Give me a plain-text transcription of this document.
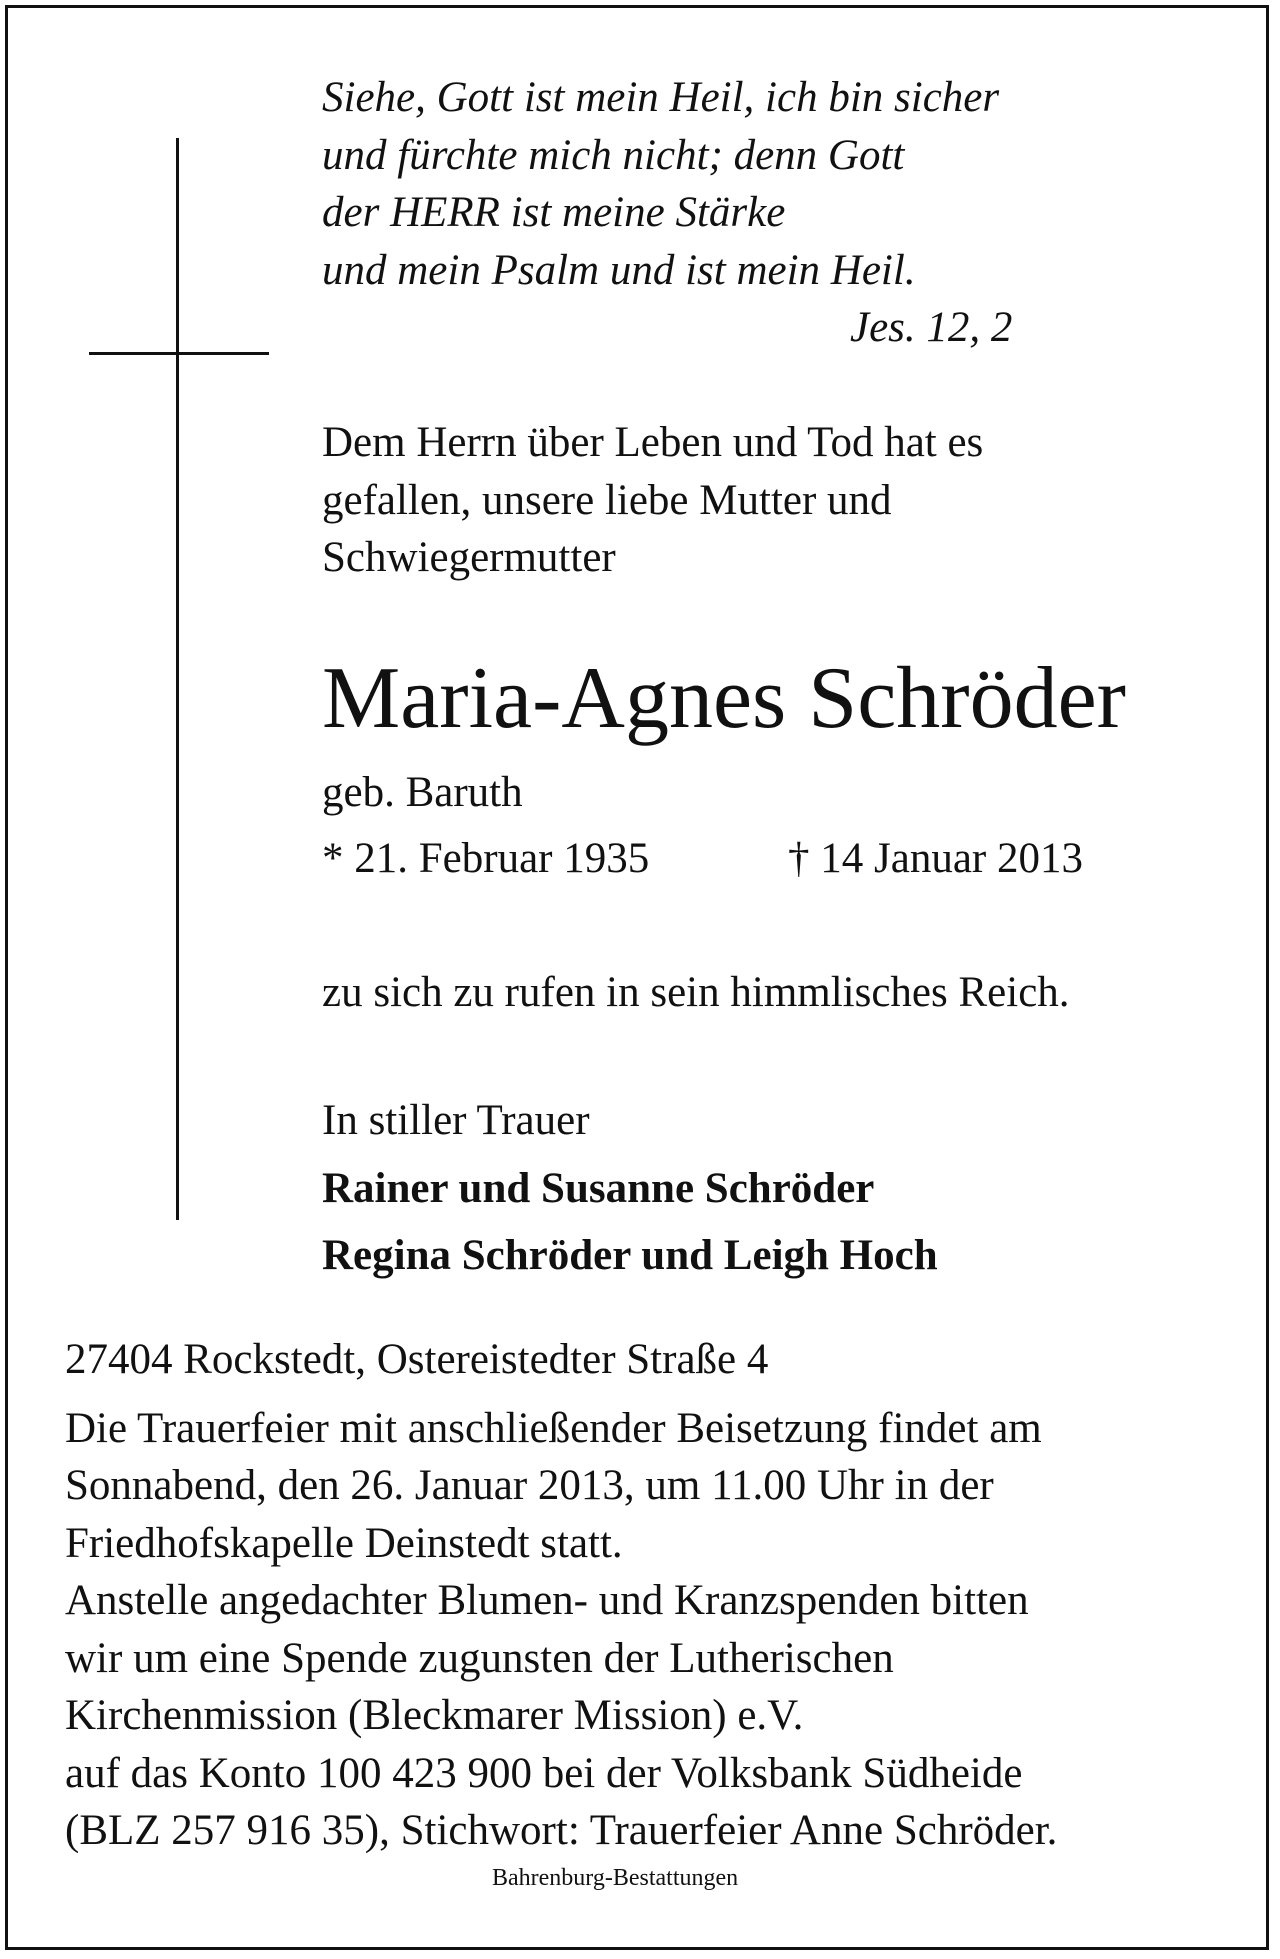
Siehe, Gott ist mein Heil, ich bin sicher
und fürchte mich nicht; denn Gott
der HERR ist meine Stärke
und mein Psalm und ist mein Heil.
Jes. 12, 2
Dem Herrn über Leben und Tod hat es
gefallen, unsere liebe Mutter und
Schwiegermutter
Maria-Agnes Schröder
geb. Baruth
* 21. Februar 1935	† 14 Januar 2013
zu sich zu rufen in sein himmlisches Reich.
In stiller Trauer
Rainer und Susanne Schröder
Regina Schröder und Leigh Hoch
27404 Rockstedt, Ostereistedter Straße 4
Die Trauerfeier mit anschließender Beisetzung findet am
Sonnabend, den 26. Januar 2013, um 11.00 Uhr in der
Friedhofskapelle Deinstedt statt.
Anstelle angedachter Blumen- und Kranzspenden bitten
wir um eine Spende zugunsten der Lutherischen
Kirchenmission (Bleckmarer Mission) e.V.
auf das Konto 100 423 900 bei der Volksbank Südheide
(BLZ 257 916 35), Stichwort: Trauerfeier Anne Schröder.
Bahrenburg-Bestattungen
